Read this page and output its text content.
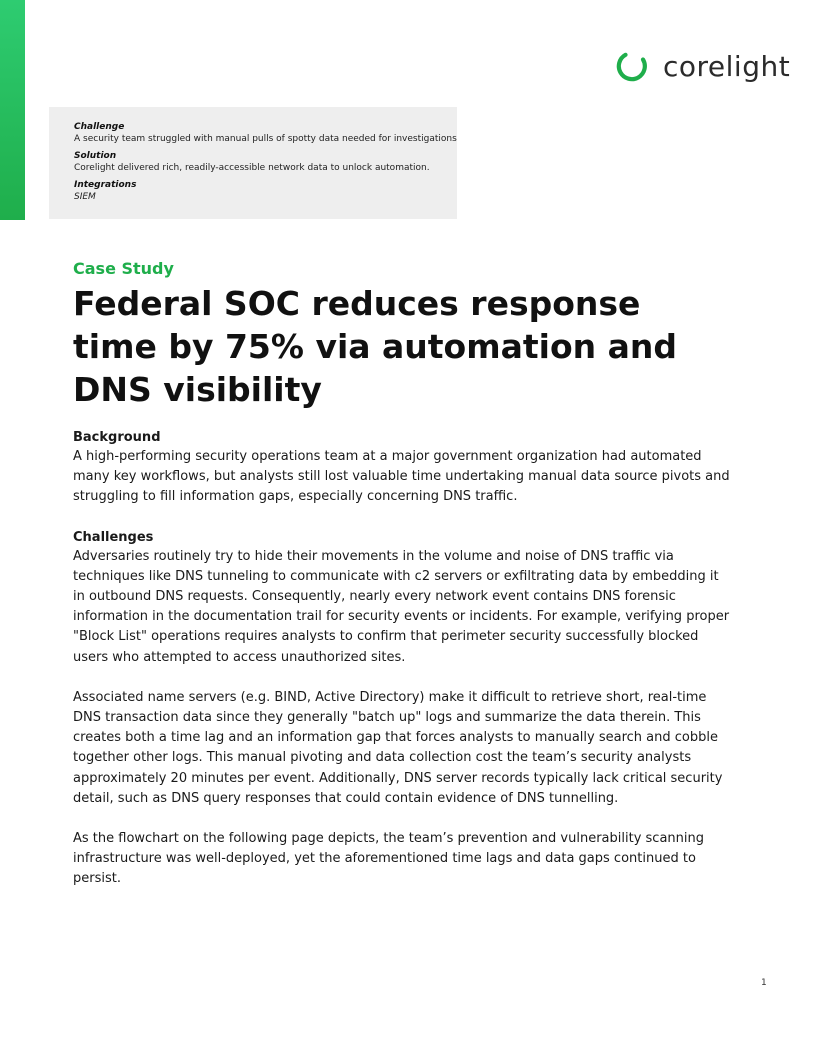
corelight
Challenge
A security team struggled with manual pulls of spotty data needed for investigations
Solution
Corelight delivered rich, readily-accessible network data to unlock automation.
Integrations
SIEM
Case Study
Federal SOC reduces response time by 75% via automation and DNS visibility
Background

A high-performing security operations team at a major government organization had automated many key workflows, but analysts still lost valuable time undertaking manual data source pivots and struggling to fill information gaps, especially concerning DNS traffic.

Challenges

Adversaries routinely try to hide their movements in the volume and noise of DNS traffic via techniques like DNS tunneling to communicate with c2 servers or exfiltrating data by embedding it in outbound DNS requests. Consequently, nearly every network event contains DNS forensic information in the documentation trail for security events or incidents. For example, verifying proper "Block List" operations requires analysts to confirm that perimeter security successfully blocked users who attempted to access unauthorized sites.

Associated name servers (e.g. BIND, Active Directory) make it difficult to retrieve short, real-time DNS transaction data since they generally "batch up" logs and summarize the data therein. This creates both a time lag and an information gap that forces analysts to manually search and cobble together other logs. This manual pivoting and data collection cost the team’s security analysts approximately 20 minutes per event. Additionally, DNS server records typically lack critical security detail, such as DNS query responses that could contain evidence of DNS tunnelling.

As the flowchart on the following page depicts, the team’s prevention and vulnerability scanning infrastructure was well-deployed, yet the aforementioned time lags and data gaps continued to persist.

1
